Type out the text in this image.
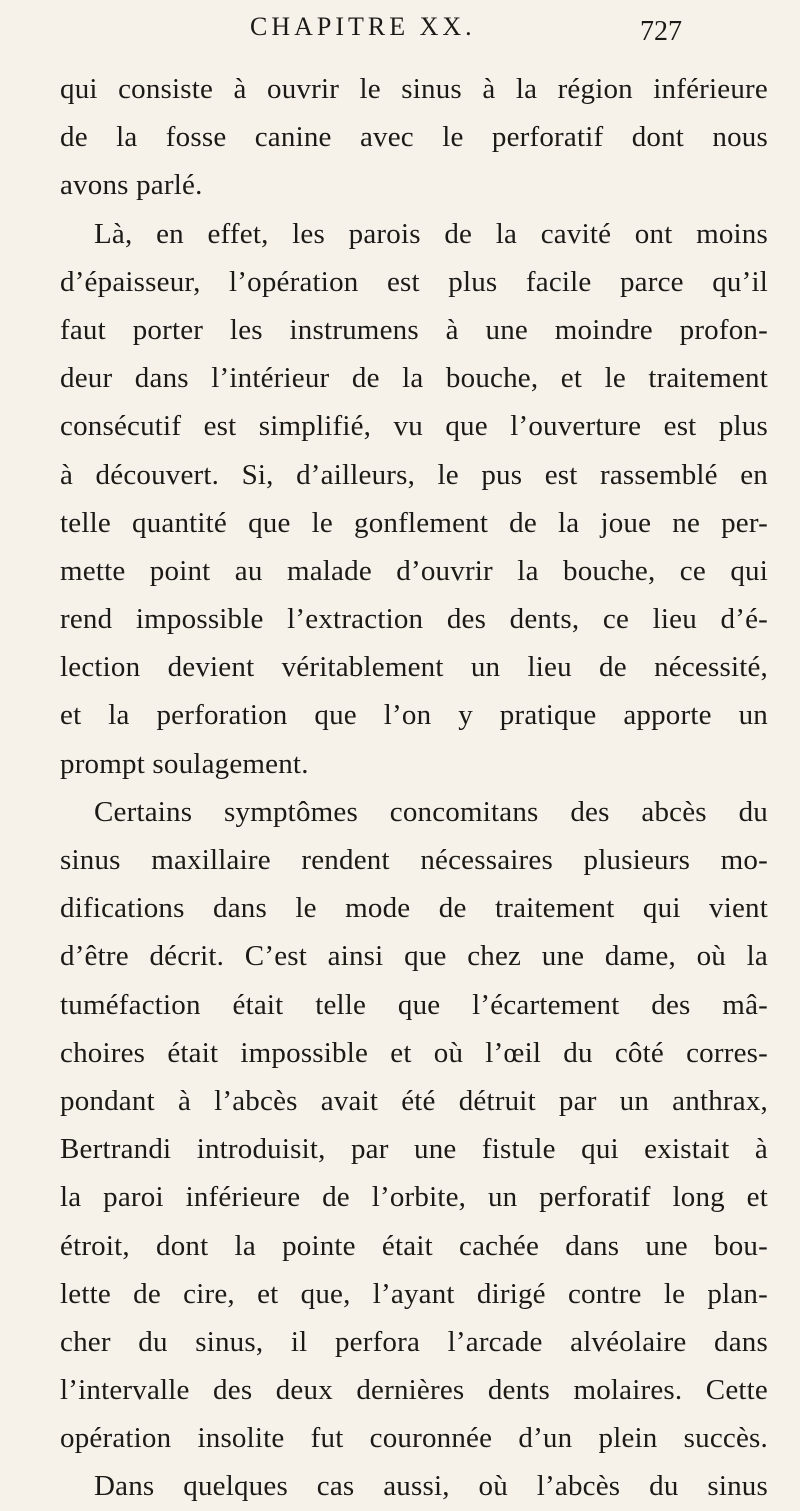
CHAPITRE XX.	727
qui consiste à ouvrir le sinus à la région inférieure
de la fosse canine avec le perforatif dont nous
avons parlé.
Là, en effet, les parois de la cavité ont moins
d’épaisseur, l’opération est plus facile parce qu’il
faut porter les instrumens à une moindre profon-
deur dans l’intérieur de la bouche, et le traitement
consécutif est simplifié, vu que l’ouverture est plus
à découvert. Si, d’ailleurs, le pus est rassemblé en
telle quantité que le gonflement de la joue ne per-
mette point au malade d’ouvrir la bouche, ce qui
rend impossible l’extraction des dents, ce lieu d’é-
lection devient véritablement un lieu de nécessité,
et la perforation que l’on y pratique apporte un
prompt soulagement.
Certains symptômes concomitans des abcès du
sinus maxillaire rendent nécessaires plusieurs mo-
difications dans le mode de traitement qui vient
d’être décrit. C’est ainsi que chez une dame, où la
tuméfaction était telle que l’écartement des mâ-
choires était impossible et où l’œil du côté corres-
pondant à l’abcès avait été détruit par un anthrax,
Bertrandi introduisit, par une fistule qui existait à
la paroi inférieure de l’orbite, un perforatif long et
étroit, dont la pointe était cachée dans une bou-
lette de cire, et que, l’ayant dirigé contre le plan-
cher du sinus, il perfora l’arcade alvéolaire dans
l’intervalle des deux dernières dents molaires. Cette
opération insolite fut couronnée d’un plein succès.
Dans quelques cas aussi, où l’abcès du sinus
